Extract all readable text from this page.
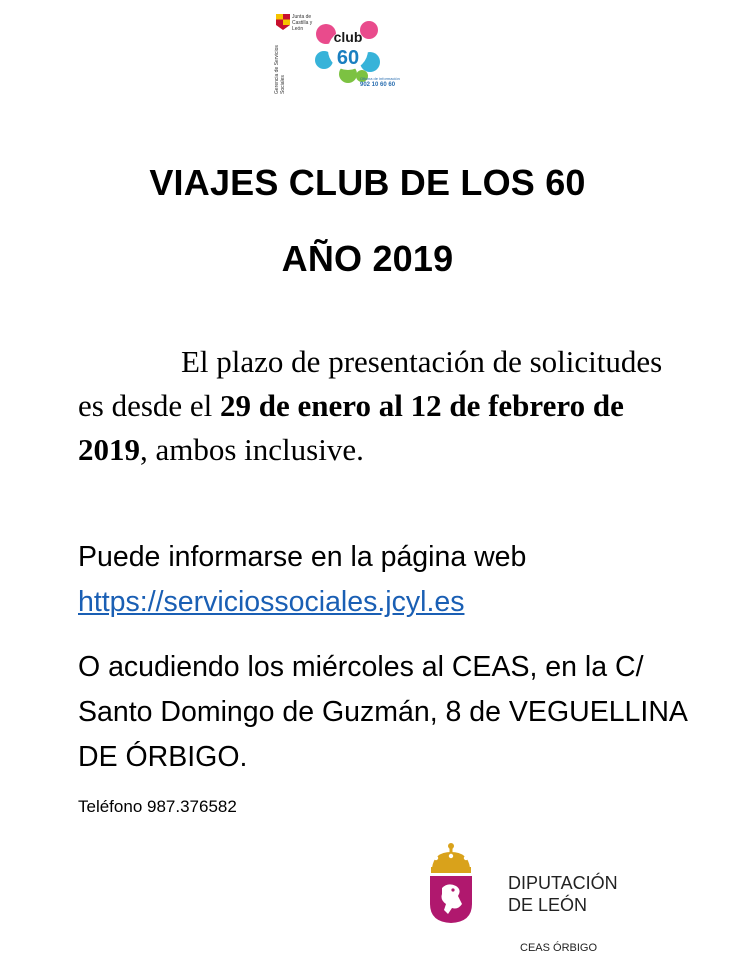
Junta de Castilla y León
Gerencia de Servicios Sociales
club
60
Oficina de información
902 10 60 60
VIAJES CLUB DE LOS 60
AÑO 2019
El plazo de presentación de solicitudes es desde el 29 de enero al 12 de febrero de 2019, ambos inclusive.
Puede informarse en la página web
https://serviciossociales.jcyl.es
O acudiendo los miércoles al CEAS, en la C/ Santo Domingo de Guzmán, 8 de VEGUELLINA DE ÓRBIGO.
Teléfono 987.376582
DIPUTACIÓN
DE LEÓN
CEAS ÓRBIGO
